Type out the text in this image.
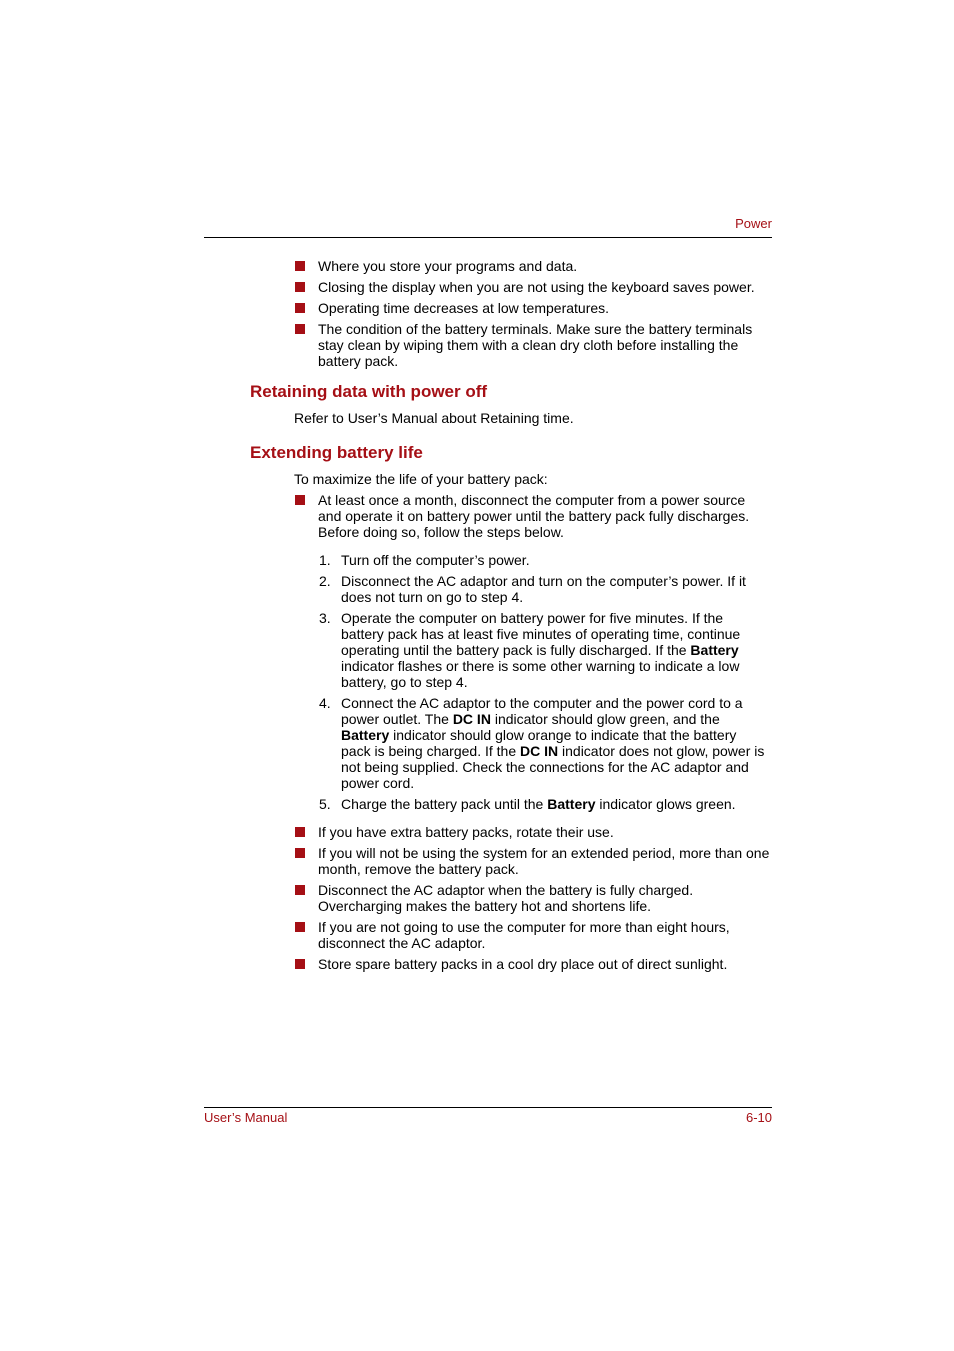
Power
Where you store your programs and data.
Closing the display when you are not using the keyboard saves power.
Operating time decreases at low temperatures.
The condition of the battery terminals. Make sure the battery terminals stay clean by wiping them with a clean dry cloth before installing the battery pack.
Retaining data with power off
Refer to User’s Manual about Retaining time.
Extending battery life
To maximize the life of your battery pack:
At least once a month, disconnect the computer from a power source and operate it on battery power until the battery pack fully discharges. Before doing so, follow the steps below.
1. Turn off the computer’s power.
2. Disconnect the AC adaptor and turn on the computer’s power. If it does not turn on go to step 4.
3. Operate the computer on battery power for five minutes. If the battery pack has at least five minutes of operating time, continue operating until the battery pack is fully discharged. If the Battery indicator flashes or there is some other warning to indicate a low battery, go to step 4.
4. Connect the AC adaptor to the computer and the power cord to a power outlet. The DC IN indicator should glow green, and the Battery indicator should glow orange to indicate that the battery pack is being charged. If the DC IN indicator does not glow, power is not being supplied. Check the connections for the AC adaptor and power cord.
5. Charge the battery pack until the Battery indicator glows green.
If you have extra battery packs, rotate their use.
If you will not be using the system for an extended period, more than one month, remove the battery pack.
Disconnect the AC adaptor when the battery is fully charged. Overcharging makes the battery hot and shortens life.
If you are not going to use the computer for more than eight hours, disconnect the AC adaptor.
Store spare battery packs in a cool dry place out of direct sunlight.
User’s Manual	6-10
